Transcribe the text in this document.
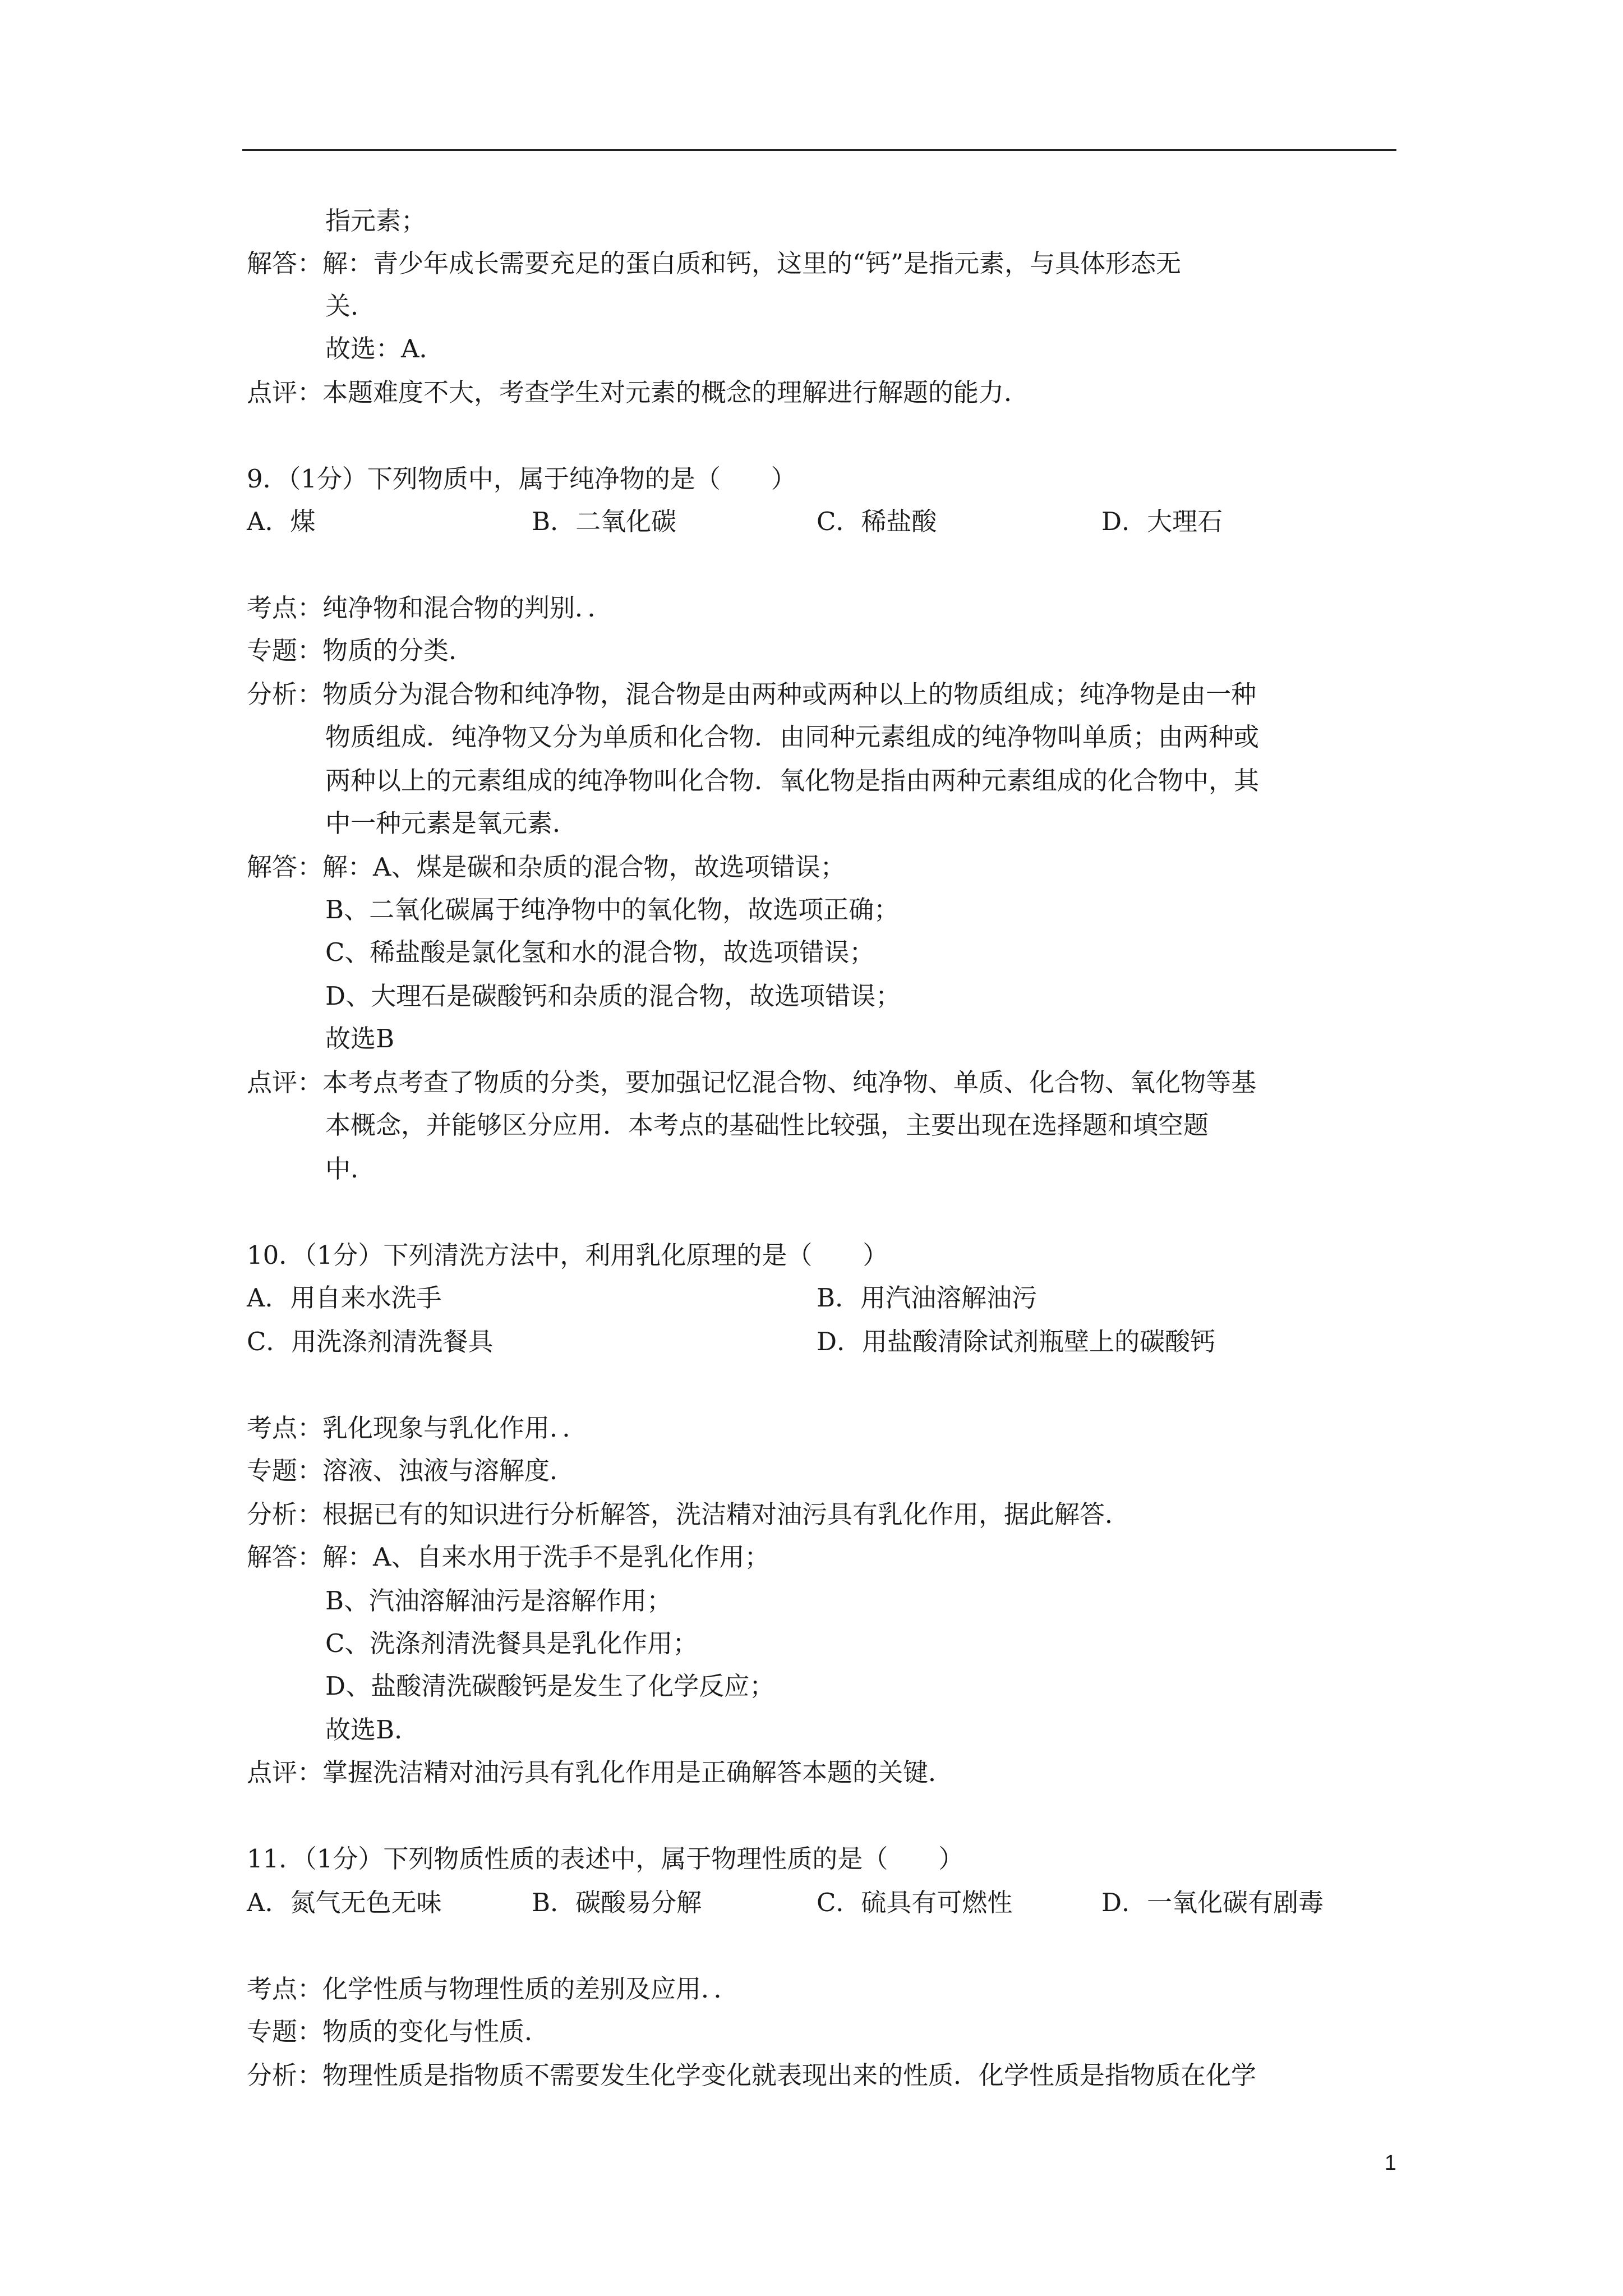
指元素；
解答：解：青少年成长需要充足的蛋白质和钙，这里的“钙”是指元素，与具体形态无
关．
故选：A．
点评：本题难度不大，考查学生对元素的概念的理解进行解题的能力．
9．（1分）下列物质中，属于纯净物的是（　　）
A．煤	B．二氧化碳	C．稀盐酸	D．大理石
考点：纯净物和混合物的判别．．
专题：物质的分类．
分析：物质分为混合物和纯净物，混合物是由两种或两种以上的物质组成；纯净物是由一种
物质组成．纯净物又分为单质和化合物．由同种元素组成的纯净物叫单质；由两种或
两种以上的元素组成的纯净物叫化合物．氧化物是指由两种元素组成的化合物中，其
中一种元素是氧元素．
解答：解：A、煤是碳和杂质的混合物，故选项错误；
B、二氧化碳属于纯净物中的氧化物，故选项正确；
C、稀盐酸是氯化氢和水的混合物，故选项错误；
D、大理石是碳酸钙和杂质的混合物，故选项错误；
故选B
点评：本考点考查了物质的分类，要加强记忆混合物、纯净物、单质、化合物、氧化物等基
本概念，并能够区分应用．本考点的基础性比较强，主要出现在选择题和填空题
中．
10．（1分）下列清洗方法中，利用乳化原理的是（　　）
A．用自来水洗手	B．用汽油溶解油污
C．用洗涤剂清洗餐具	D．用盐酸清除试剂瓶壁上的碳酸钙
考点：乳化现象与乳化作用．．
专题：溶液、浊液与溶解度．
分析：根据已有的知识进行分析解答，洗洁精对油污具有乳化作用，据此解答．
解答：解：A、自来水用于洗手不是乳化作用；
B、汽油溶解油污是溶解作用；
C、洗涤剂清洗餐具是乳化作用；
D、盐酸清洗碳酸钙是发生了化学反应；
故选B．
点评：掌握洗洁精对油污具有乳化作用是正确解答本题的关键．
11．（1分）下列物质性质的表述中，属于物理性质的是（　　）
A．氮气无色无味	B．碳酸易分解	C．硫具有可燃性	D．一氧化碳有剧毒
考点：化学性质与物理性质的差别及应用．．
专题：物质的变化与性质．
分析：物理性质是指物质不需要发生化学变化就表现出来的性质．化学性质是指物质在化学
1
